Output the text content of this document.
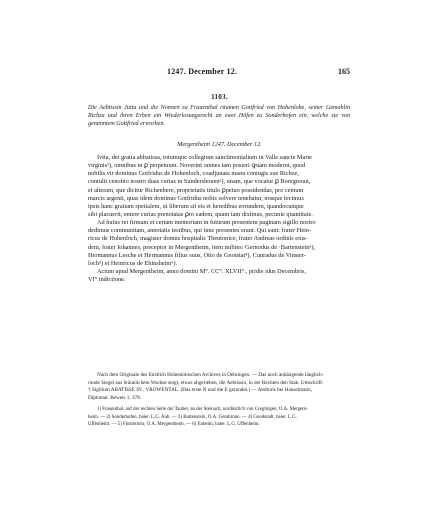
1247. December 12.	165
1103.
Die Aebtissin Jutta und die Nonnen zu Frauenthal räumen Gottfried von Hohenlohe, seiner Gemahlin Richza und ihren Erben ein Wiederlosungsrecht an zwei Höfen zu Sonderhofen ein, welche sie von genanntem Gottfried erworben.
Mergentheim 1247. December 12.
Ivtta, dei gratia abbatissa, totumque collegium sanctimonialium in Valle sancte Marie
virginis¹), omnibus in ꝑ perpetuum. Noverint omnes tam posteri ꝙuam moderni, quod
nobilis vir dominus Gotfridus de Hohenloch, coadjunata manu coniugis sue Richze,
contulit cenobio nostro duas curias in Sundershouen²), unam, que vocatur ꝑ Boregreuui,
et alteram, que dicitur Richenbere, proprietatis titulo ꝑpetuo possidendas, pro centum
marcis argenti, quas idem dominus Gotfridus nobis solvere tenebatur, nosque fecimus
ipsis hanc gratiam spetialem, ut liberum sit eis et heredibus eorundem, quandocunque
sibi placuerit, emere curias prenotatas ꝑro eadem, quam iam diximus, pecunie quantitate.
Ad huius rei firmam et certam memoriam in futurum presentem paginam sigillo nostro
dedimus communitam, annotatis testibus, qui tunc presentes erant. Qui sunt: frater Hein-
ricus de Hohenloch, magister domus hospitalis Theutonice, frater Andreas ordinis eius-
dem, frater Iohannes, preceptor in Mergentheim, item milites: Gernodus de ·Bartenstein³),
Hermannus Lesche et Hermannus filius suus, Otto de Gnotstat⁴), Cunradus de Vinster-
loch⁵) et Heinricus de Ehinsheim⁶).
Actum apud Mergentheim, anno domini M°. CC°. XLVII°., pridie idus Decembris,
VI° indictione.
Nach dem Originale des fürstlich Hohenlohischen Archives in Oehringen. — Das noch anhängende länglich-
runde Siegel aus bräunlichem Wachse zeigt, etwas abgerieben, die Aebtissin, in der Rechten den Stab. Umschrift:
† Sigillum ABATISSE IN . VROWENTAL. (Das erste N und die E gerundet.) — Abdruck bei Hanselmann,
Diplomat. Beweis 1, 378.
1) Frauenthal, auf der rechten Seite der Tauber, an der Steinach, nordöstlich von Creglingen, O.A. Mergent-
heim. — 2) Sonderhofen, baier. L.G. Aub. — 3) Bartenstein, O.A. Gerabronn. — 4) Gnodstadt, baier. L.G.
Uffenheim. — 5) Finsterlohr, O.A. Mergentheim. — 6) Enheim, baier. L.G. Uffenheim.
